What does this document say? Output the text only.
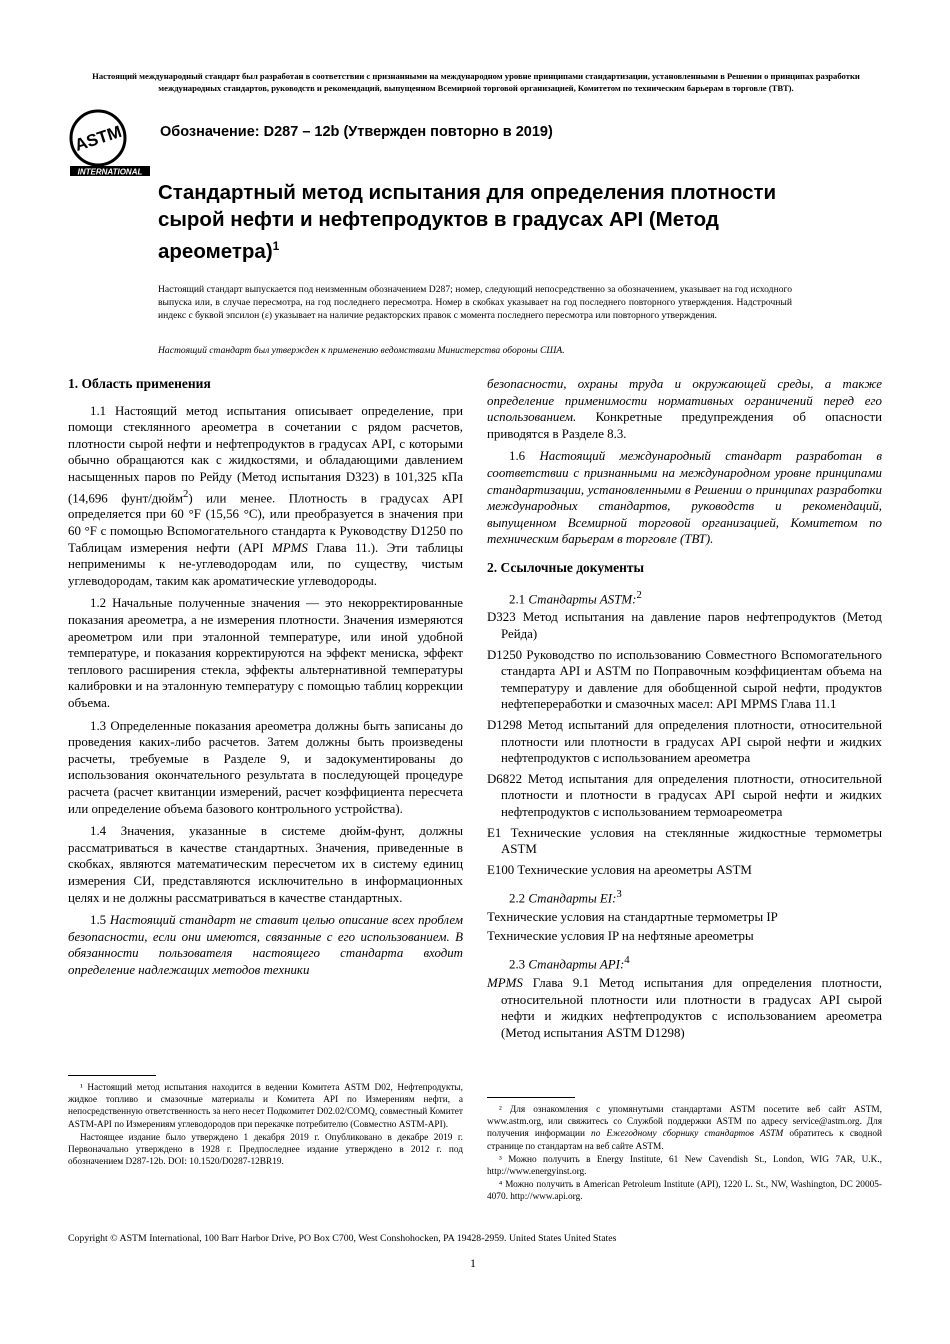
Настоящий международный стандарт был разработан в соответствии с признанными на международном уровне принципами стандартизации, установленными в Решении о принципах разработки международных стандартов, руководств и рекомендаций, выпущенном Всемирной торговой организацией, Комитетом по техническим барьерам в торговле (ТВТ).
ASTM
INTERNATIONAL
Обозначение: D287 – 12b (Утвержден повторно в 2019)
Стандартный метод испытания для определения плотности сырой нефти и нефтепродуктов в градусах API (Метод ареометра)$^1$
Настоящий стандарт выпускается под неизменным обозначением D287; номер, следующий непосредственно за обозначением, указывает на год исходного выпуска или, в случае пересмотра, на год последнего пересмотра. Номер в скобках указывает на год последнего повторного утверждения. Надстрочный индекс с буквой эпсилон (ε) указывает на наличие редакторских правок с момента последнего пересмотра или повторного утверждения.
Настоящий стандарт был утвержден к применению ведомствами Министерства обороны США.
1. Область применения

1.1 Настоящий метод испытания описывает определение, при помощи стеклянного ареометра в сочетании с рядом расчетов, плотности сырой нефти и нефтепродуктов в градусах API, с которыми обычно обращаются как с жидкостями, и обладающими давлением насыщенных паров по Рейду (Метод испытания D323) в 101,325 кПа (14,696 фунт/дюйм$^2$) или менее. Плотность в градусах API определяется при 60 °F (15,56 °C), или преобразуется в значения при 60 °F с помощью Вспомогательного стандарта к Руководству D1250 по Таблицам измерения нефти (API MPMS Глава 11.). Эти таблицы неприменимы к не-углеводородам или, по существу, чистым углеводородам, таким как ароматические углеводороды.

1.2 Начальные полученные значения — это некорректированные показания ареометра, а не измерения плотности. Значения измеряются ареометром или при эталонной температуре, или иной удобной температуре, и показания корректируются на эффект мениска, эффект теплового расширения стекла, эффекты альтернативной температуры калибровки и на эталонную температуру с помощью таблиц коррекции объема.

1.3 Определенные показания ареометра должны быть записаны до проведения каких-либо расчетов. Затем должны быть произведены расчеты, требуемые в Разделе 9, и задокументированы до использования окончательного результата в последующей процедуре расчета (расчет квитанции измерений, расчет коэффициента пересчета или определение объема базового контрольного устройства).

1.4 Значения, указанные в системе дюйм-фунт, должны рассматриваться в качестве стандартных. Значения, приведенные в скобках, являются математическим пересчетом их в систему единиц измерения СИ, представляются исключительно в информационных целях и не должны рассматриваться в качестве стандартных.

1.5 Настоящий стандарт не ставит целью описание всех проблем безопасности, если они имеются, связанные с его использованием. В обязанности пользователя настоящего стандарта входит определение надлежащих методов техники

¹ Настоящий метод испытания находится в ведении Комитета ASTM D02, Нефтепродукты, жидкое топливо и смазочные материалы и Комитета API по Измерениям нефти, а непосредственную ответственность за него несет Подкомитет D02.02/COMQ, совместный Комитет ASTM-API по Измерениям углеводородов при перекачке потребителю (Совместно ASTM-API).

Настоящее издание было утверждено 1 декабря 2019 г. Опубликовано в декабре 2019 г. Первоначально утверждено в 1928 г. Предпоследнее издание утверждено в 2012 г. под обозначением D287-12b. DOI: 10.1520/D0287-12BR19.

безопасности, охраны труда и окружающей среды, а также определение применимости нормативных ограничений перед его использованием. Конкретные предупреждения об опасности приводятся в Разделе 8.3.

1.6 Настоящий международный стандарт разработан в соответствии с признанными на международном уровне принципами стандартизации, установленными в Решении о принципах разработки международных стандартов, руководств и рекомендаций, выпущенном Всемирной торговой организацией, Комитетом по техническим барьерам в торговле (ТВТ).

2. Ссылочные документы
2.1 Стандарты ASTM:$^2$
D323 Метод испытания на давление паров нефтепродуктов (Метод Рейда)
D1250 Руководство по использованию Совместного Вспомогательного стандарта API и ASTM по Поправочным коэффициентам объема на температуру и давление для обобщенной сырой нефти, продуктов нефтепереработки и смазочных масел: API MPMS Глава 11.1
D1298 Метод испытаний для определения плотности, относительной плотности или плотности в градусах API сырой нефти и жидких нефтепродуктов с использованием ареометра
D6822 Метод испытания для определения плотности, относительной плотности и плотности в градусах API сырой нефти и жидких нефтепродуктов с использованием термоареометра
E1 Технические условия на стеклянные жидкостные термометры ASTM
E100 Технические условия на ареометры ASTM
2.2 Стандарты EI:$^3$
Технические условия на стандартные термометры IP
Технические условия IP на нефтяные ареометры
2.3 Стандарты API:$^4$
MPMS Глава 9.1 Метод испытания для определения плотности, относительной плотности или плотности в градусах API сырой нефти и жидких нефтепродуктов с использованием ареометра (Метод испытания ASTM D1298)

² Для ознакомления с упомянутыми стандартами ASTM посетите веб сайт ASTM, www.astm.org, или свяжитесь со Службой поддержки ASTM по адресу service@astm.org. Для получения информации по Ежегодному сборнику стандартов ASTM обратитесь к сводной странице по стандартам на веб сайте ASTM.

³ Можно получить в Energy Institute, 61 New Cavendish St., London, WIG 7AR, U.K., http://www.energyinst.org.

⁴ Можно получить в American Petroleum Institute (API), 1220 L. St., NW, Washington, DC 20005-4070. http://www.api.org.

Copyright © ASTM International, 100 Barr Harbor Drive, PO Box C700, West Conshohocken, PA 19428-2959. United States United States
1
